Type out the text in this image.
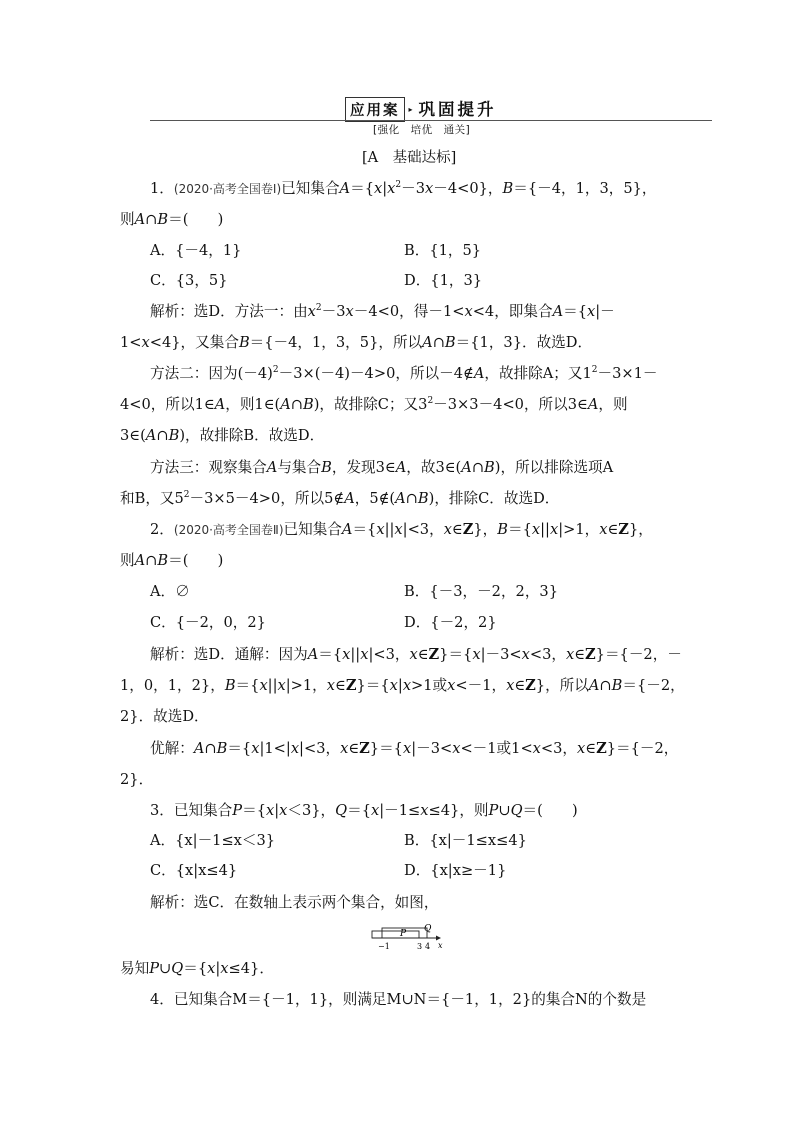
应用案 ▸ 巩固提升
[强化　培优　通关]
[A　基础达标]
1．(2020·高考全国卷Ⅰ)已知集合$A=\{x|x^2-3x-4<0\}$，B＝{－4，1，3，5}，
则A∩B＝(　　)
A．{－4，1}	B．{1，5}
C．{3，5}	D．{1，3}
解析：选D．方法一：由$x^2-3x-4<0$，得－1<x<4，即集合A＝{x|－
1<x<4}，又集合B＝{－4，1，3，5}，所以A∩B＝{1，3}．故选D．
方法二：因为$(-4)^2-3\times(-4)-4>0$，所以－4∉A，故排除A；又$1^2-3\times 1-$
4<0，所以1∈A，则1∈(A∩B)，故排除C；又$3^2-3\times 3-4<0$，所以3∈A，则
3∈(A∩B)，故排除B．故选D．
方法三：观察集合A与集合B，发现3∈A，故3∈(A∩B)，所以排除选项A
和B，又$5^2-3\times 5-4>0$，所以5∉A，5∉(A∩B)，排除C．故选D．
2．(2020·高考全国卷Ⅱ)已知集合A＝{x||x|<3，x∈Z}，B＝{x||x|>1，x∈Z}，
则A∩B＝(　　)
A．∅	B．{－3，－2，2，3}
C．{－2，0，2}	D．{－2，2}
解析：选D．通解：因为A＝{x||x|<3，x∈Z}＝{x|－3<x<3，x∈Z}＝{－2，－
1，0，1，2}，B＝{x||x|>1，x∈Z}＝{x|x>1或x<－1，x∈Z}，所以A∩B＝{－2，
2}．故选D．
优解：A∩B＝{x|1<|x|<3，x∈Z}＝{x|－3<x<－1或1<x<3，x∈Z}＝{－2，
2}．
3．已知集合P＝{x|x＜3}，Q＝{x|－1≤x≤4}，则P∪Q＝(　　)
A．{x|－1≤x＜3}	B．{x|－1≤x≤4}
C．{x|x≤4}	D．{x|x≥－1}
解析：选C．在数轴上表示两个集合，如图，
P Q
−1	3 4 x
易知P∪Q＝{x|x≤4}．
4．已知集合M＝{－1，1}，则满足M∪N＝{－1，1，2}的集合N的个数是
